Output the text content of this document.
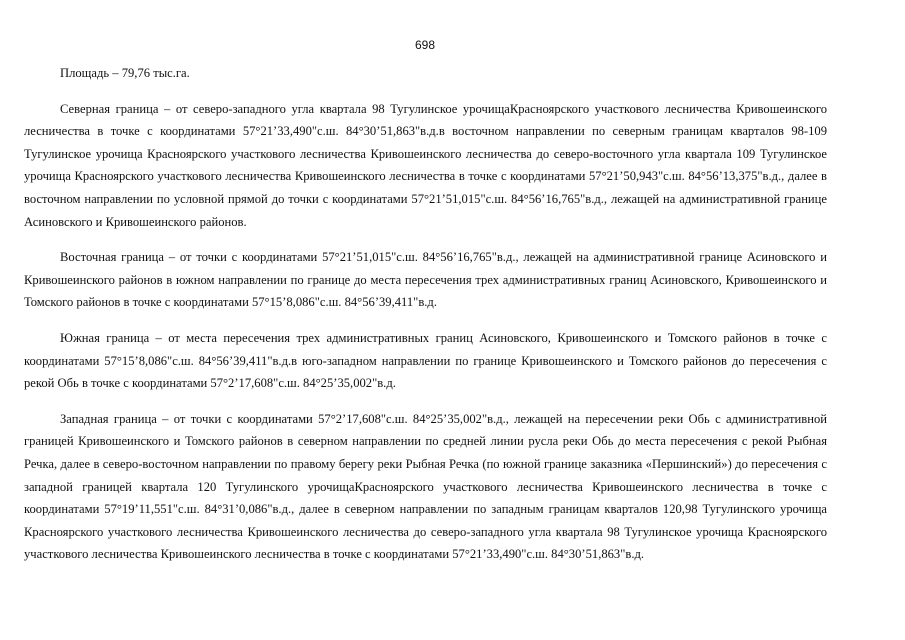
698

Площадь – 79,76 тыс.га.

Северная граница – от северо-западного угла квартала 98 Тугулинское урочищаКрасноярского участкового лесничества Кривошеинского лесничества в точке с координатами 57°21’33,490"с.ш. 84°30’51,863"в.д.в восточном направлении по северным границам кварталов 98-109 Тугулинское урочища Красноярского участкового лесничества Кривошеинского лесничества до северо-восточного угла квартала 109 Тугулинское урочища Красноярского участкового лесничества Кривошеинского лесничества в точке с координатами 57°21’50,943"с.ш. 84°56’13,375"в.д., далее в восточном направлении по условной прямой до точки с координатами 57°21’51,015"с.ш. 84°56’16,765"в.д., лежащей на административной границе Асиновского и Кривошеинского районов.

Восточная граница – от точки с координатами 57°21’51,015"с.ш. 84°56’16,765"в.д., лежащей на административной границе Асиновского и Кривошеинского районов в южном направлении по границе до места пересечения трех административных границ Асиновского, Кривошеинского и Томского районов в точке с координатами 57°15’8,086"с.ш. 84°56’39,411"в.д.

Южная граница – от места пересечения трех административных границ Асиновского, Кривошеинского и Томского районов в точке с координатами 57°15’8,086"с.ш. 84°56’39,411"в.д.в юго-западном направлении по границе Кривошеинского и Томского районов до пересечения с рекой Обь в точке с координатами 57°2’17,608"с.ш. 84°25’35,002"в.д.

Западная граница – от точки с координатами 57°2’17,608"с.ш. 84°25’35,002"в.д., лежащей на пересечении реки Обь с административной границей Кривошеинского и Томского районов в северном направлении по средней линии русла реки Обь до места пересечения с рекой Рыбная Речка, далее в северо-восточном направлении по правому берегу реки Рыбная Речка (по южной границе заказника «Першинский») до пересечения с западной границей квартала 120 Тугулинского урочищаКрасноярского участкового лесничества Кривошеинского лесничества в точке с координатами 57°19’11,551"с.ш. 84°31’0,086"в.д., далее в северном направлении по западным границам кварталов 120,98 Тугулинского урочища Красноярского участкового лесничества Кривошеинского лесничества до северо-западного угла квартала 98 Тугулинское урочища Красноярского участкового лесничества Кривошеинского лесничества в точке с координатами 57°21’33,490"с.ш. 84°30’51,863"в.д.
